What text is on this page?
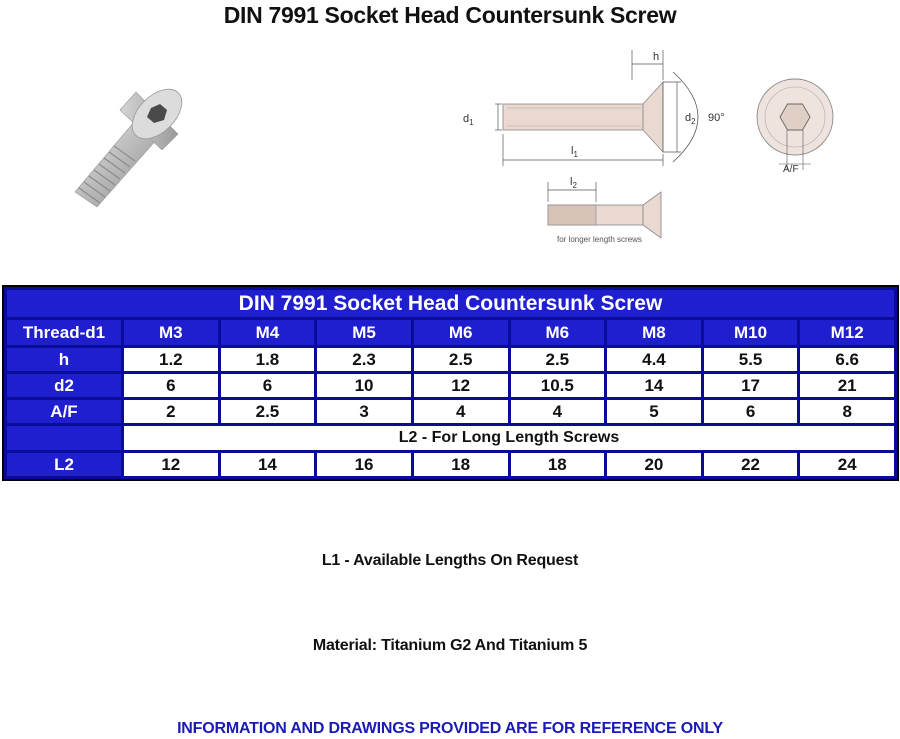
DIN 7991 Socket Head Countersunk Screw
$d_1$
h
$d_2$ 90°
$l_1$
A/F
$l_2$
for longer length screws
DIN 7991 Socket Head Countersunk Screw								
Thread-d1	M3	M4	M5	M6	M6	M8	M10	M12
h	1.2	1.8	2.3	2.5	2.5	4.4	5.5	6.6
d2	6	6	10	12	10.5	14	17	21
A/F	2	2.5	3	4	4	5	6	8
	L2 - For Long Length Screws							
L2	12	14	16	18	18	20	22	24
L1 - Available Lengths On Request
Material: Titanium G2 And Titanium 5
INFORMATION AND DRAWINGS PROVIDED ARE FOR REFERENCE ONLY
